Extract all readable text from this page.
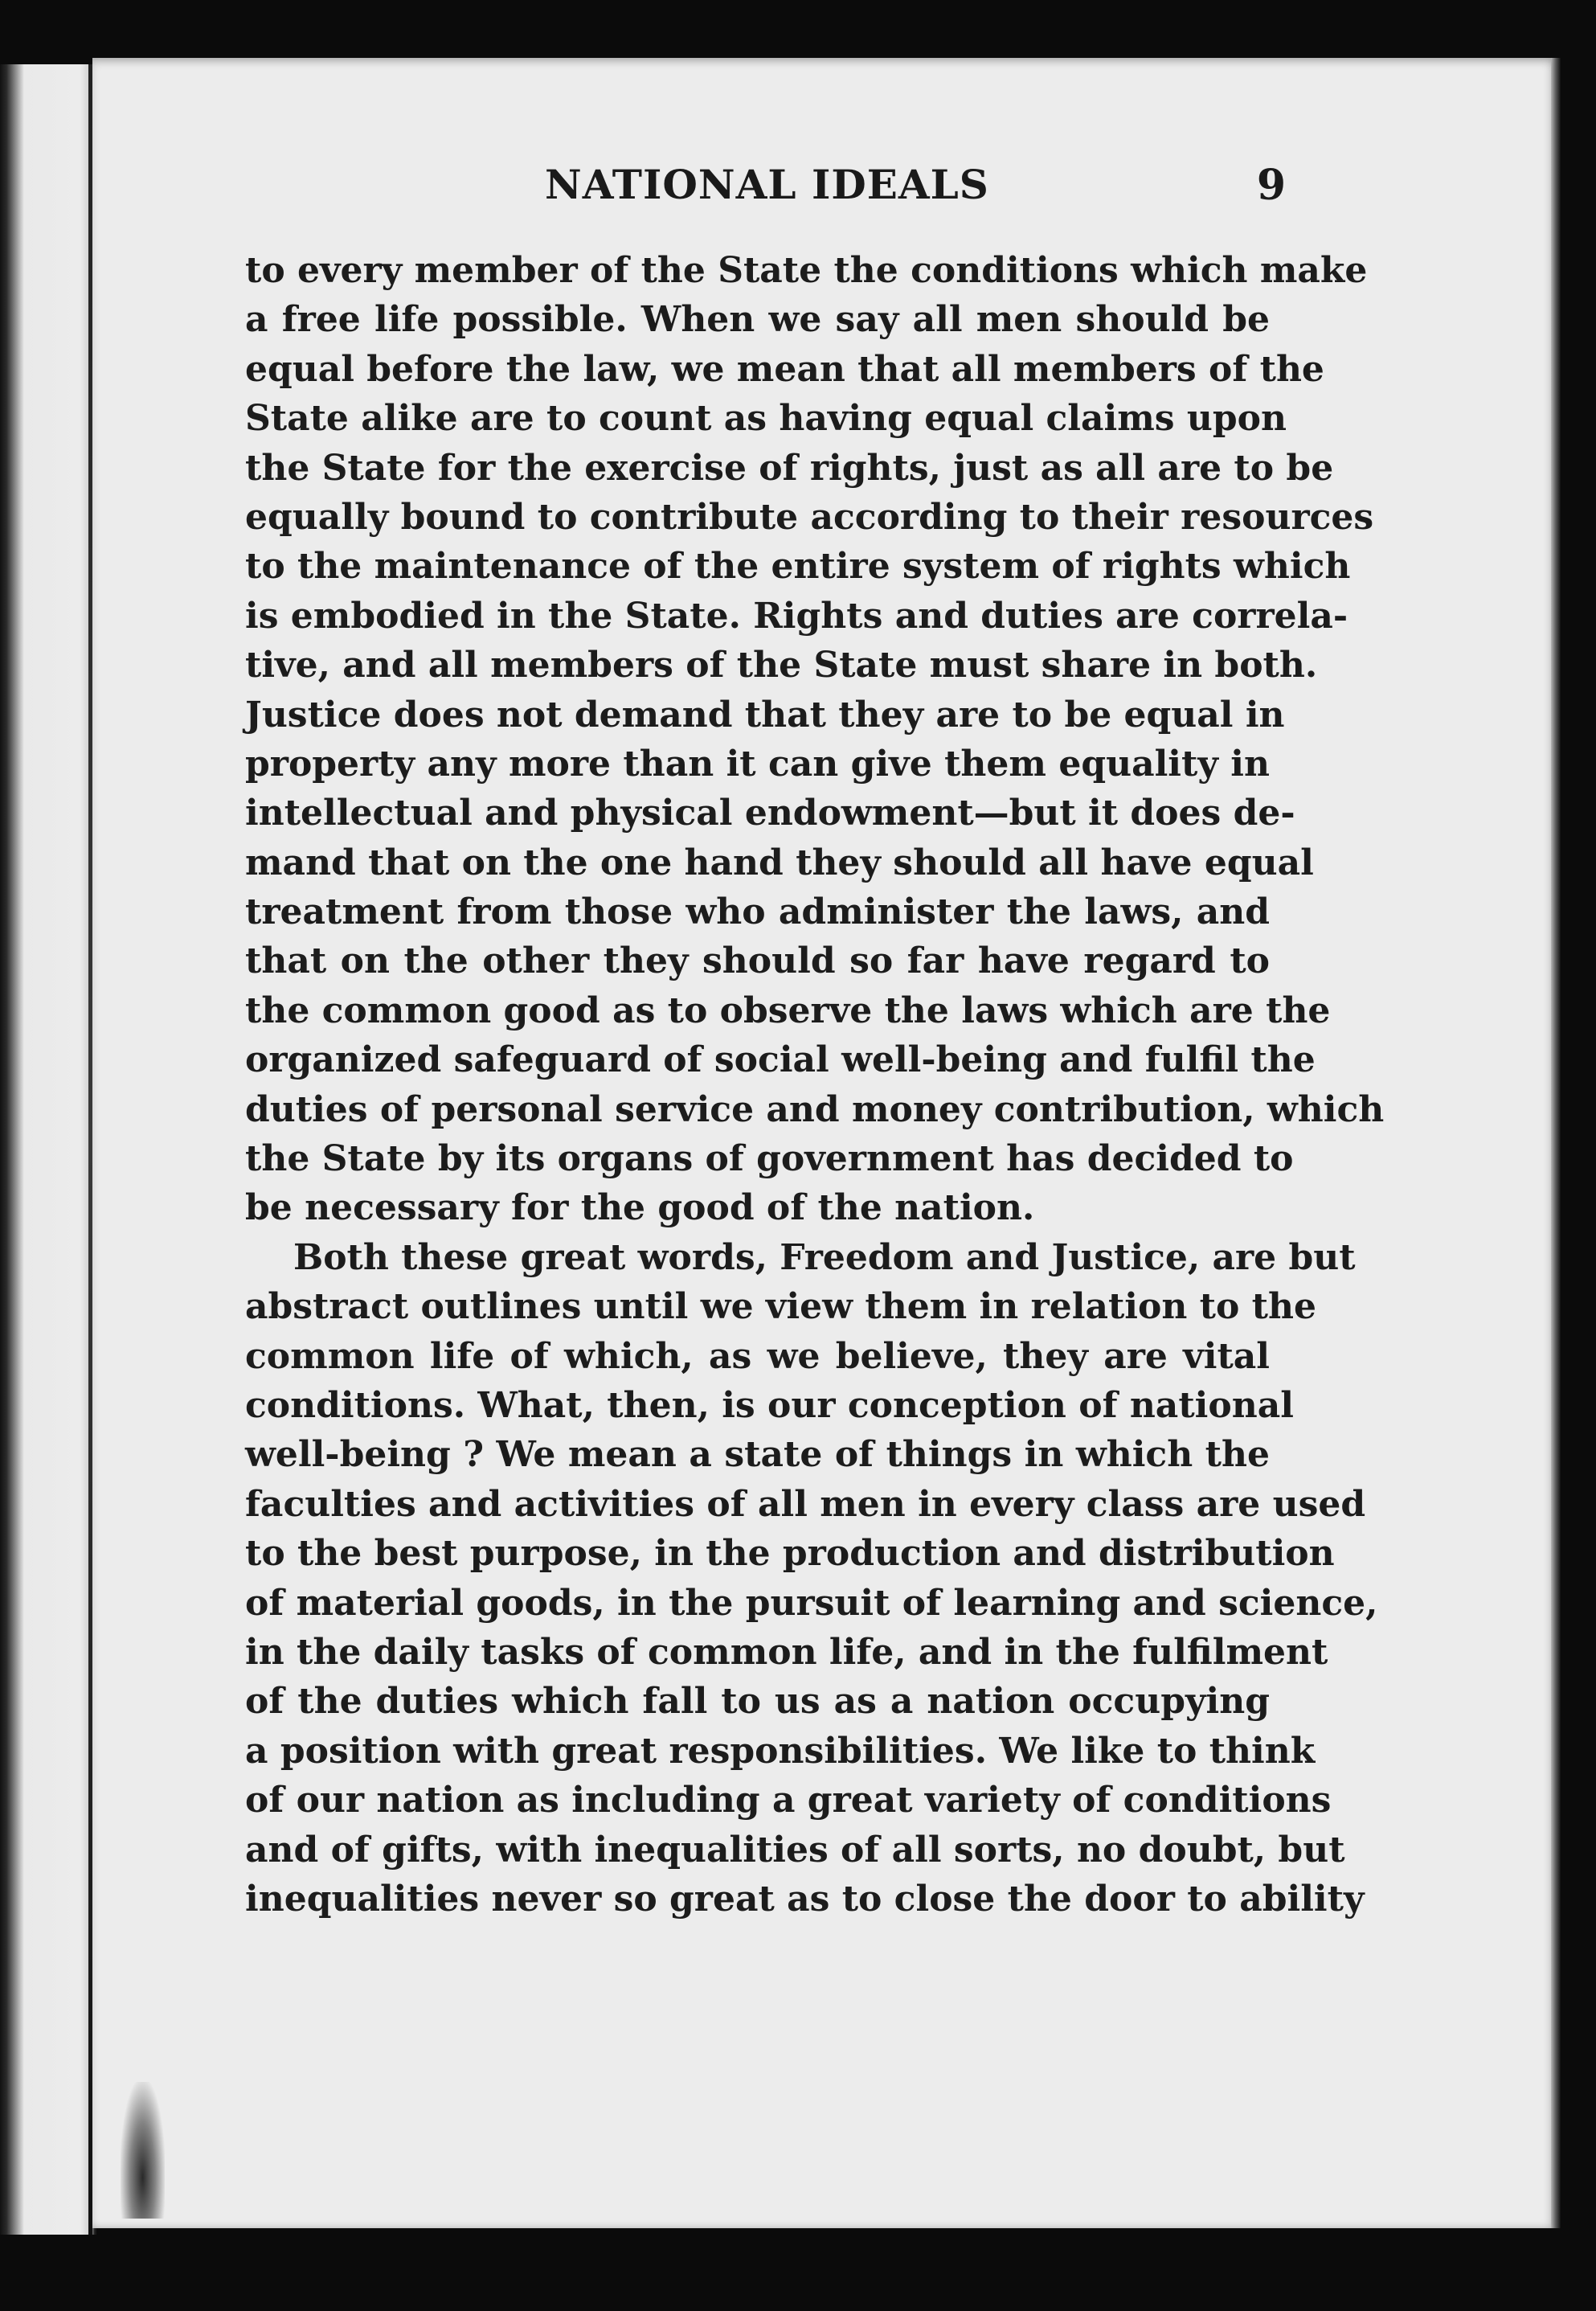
NATIONAL IDEALS	9
to every member of the State the conditions which make
a free life possible. When we say all men should be
equal before the law, we mean that all members of the
State alike are to count as having equal claims upon
the State for the exercise of rights, just as all are to be
equally bound to contribute according to their resources
to the maintenance of the entire system of rights which
is embodied in the State. Rights and duties are correla-
tive, and all members of the State must share in both.
Justice does not demand that they are to be equal in
property any more than it can give them equality in
intellectual and physical endowment—but it does de-
mand that on the one hand they should all have equal
treatment from those who administer the laws, and
that on the other they should so far have regard to
the common good as to observe the laws which are the
organized safeguard of social well-being and fulfil the
duties of personal service and money contribution, which
the State by its organs of government has decided to
be necessary for the good of the nation.
Both these great words, Freedom and Justice, are but
abstract outlines until we view them in relation to the
common life of which, as we believe, they are vital
conditions. What, then, is our conception of national
well-being ? We mean a state of things in which the
faculties and activities of all men in every class are used
to the best purpose, in the production and distribution
of material goods, in the pursuit of learning and science,
in the daily tasks of common life, and in the fulfilment
of the duties which fall to us as a nation occupying
a position with great responsibilities. We like to think
of our nation as including a great variety of conditions
and of gifts, with inequalities of all sorts, no doubt, but
inequalities never so great as to close the door to ability
